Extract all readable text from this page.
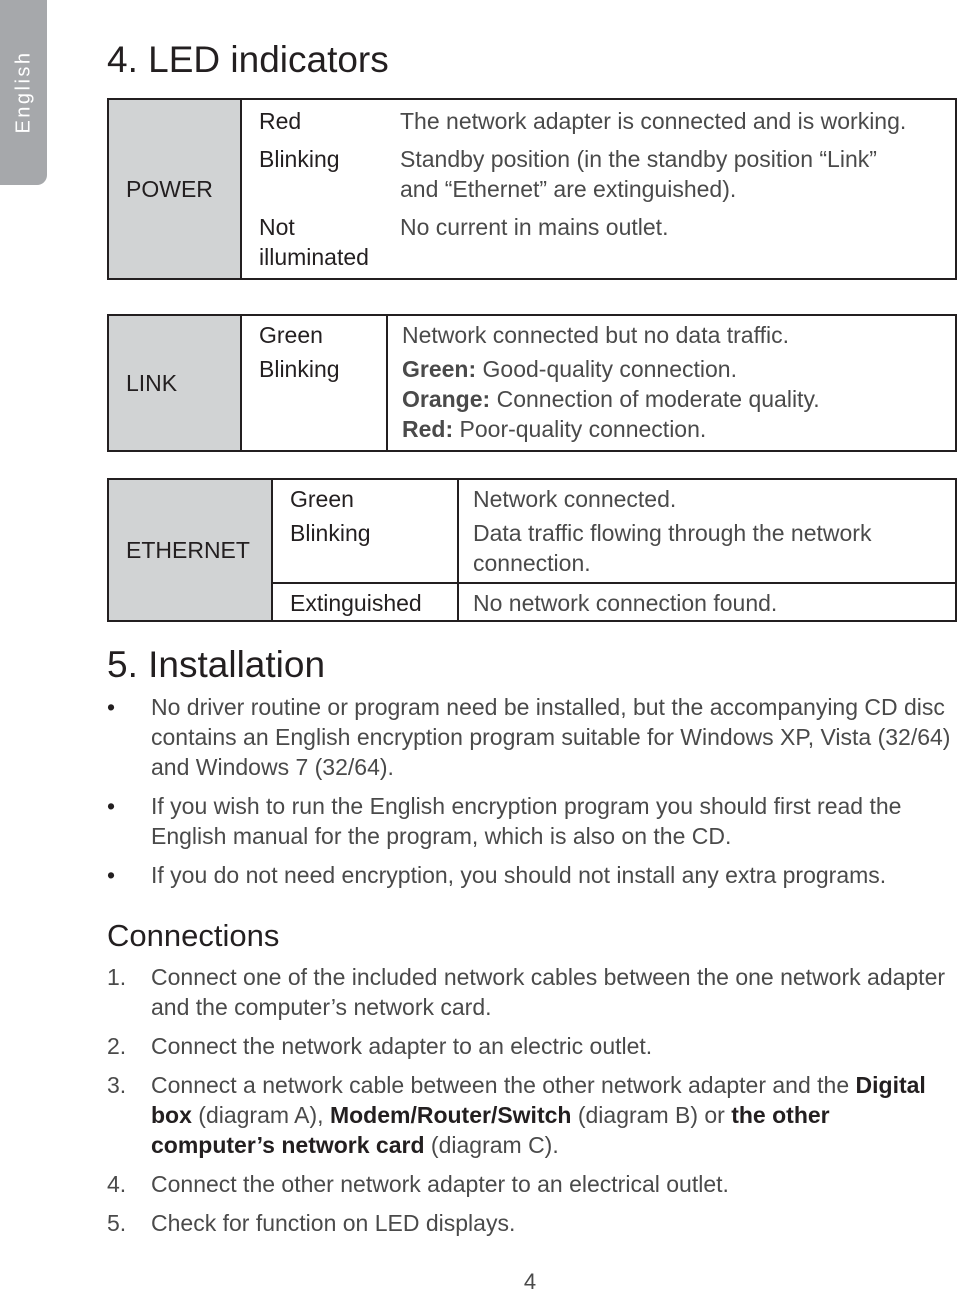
English 4. LED indicators
POWER	Red	The network adapter is connected and is working.
	Blinking	Standby position (in the standby position “Link”
and “Ethernet” are extinguished).

	Not
illuminated	No current in mains outlet.
LINK	Green	Network connected but no data traffic.
	Blinking	Green: Good-quality connection.
Orange: Connection of moderate quality.
Red: Poor-quality connection.
ETHERNET	Green	Network connected.
	Blinking	Data traffic flowing through the network
connection.

	Extinguished	No network connection found.
5. Installation
• No driver routine or program need be installed, but the accompanying CD disc contains an English encryption program suitable for Windows XP, Vista (32/64) and Windows 7 (32/64).
• If you wish to run the English encryption program you should first read the English manual for the program, which is also on the CD.
• If you do not need encryption, you should not install any extra programs.
Connections
1. Connect one of the included network cables between the one network adapter and the computer’s network card.
2. Connect the network adapter to an electric outlet.
3. Connect a network cable between the other network adapter and the Digital box (diagram A), Modem/Router/Switch (diagram B) or the other computer’s network card (diagram C).
4. Connect the other network adapter to an electrical outlet.
5. Check for function on LED displays.
4
